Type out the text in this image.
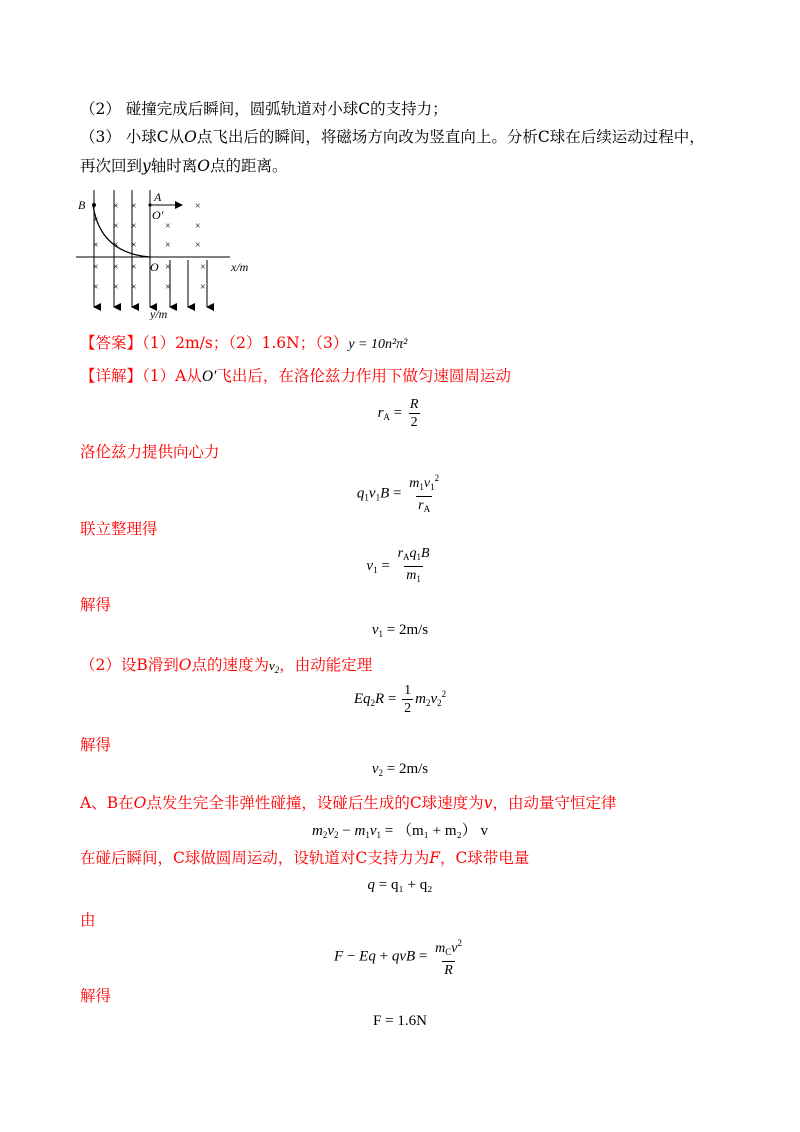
（2） 碰撞完成后瞬间，圆弧轨道对小球C的支持力；
（3） 小球C从O点飞出后的瞬间，将磁场方向改为竖直向上。分析C球在后续运动过程中，
再次回到y轴时离O点的距离。
×
×
×
×
×
×
×
×
×
×
×
×
×
×
×
×
×
×
×
×
×
×
×
B
A
O′
O	x/m
y/m
【答案】（1）2m/s；（2）1.6N；（3）y = 10n²π²
【详解】（1）A从O′飞出后，在洛伦兹力作用下做匀速圆周运动
$r_A = \frac{R}{2}$
洛伦兹力提供向心力
$q_1v_1B = \frac{m_1v_1^2}{r_A}$
联立整理得
$v_1 = \frac{r_Aq_1B}{m_1}$
解得
$v_1 = 2m/s$
（2）设B滑到O点的速度为$v_2$，由动能定理
$Eq_2R = \frac{1}{2} m_2v_2^2$
解得
$v_2 = 2m/s$
A、B在O点发生完全非弹性碰撞，设碰后生成的C球速度为v，由动量守恒定律
$m_2v_2 - m_1v_1 = (m_1 + m_2)$ v
在碰后瞬间，C球做圆周运动，设轨道对C支持力为F，C球带电量
q = q₁ + q₂
由
F − Eq + qvB = $\frac{m_Cv^2}{R}$
解得
F = 1.6N
